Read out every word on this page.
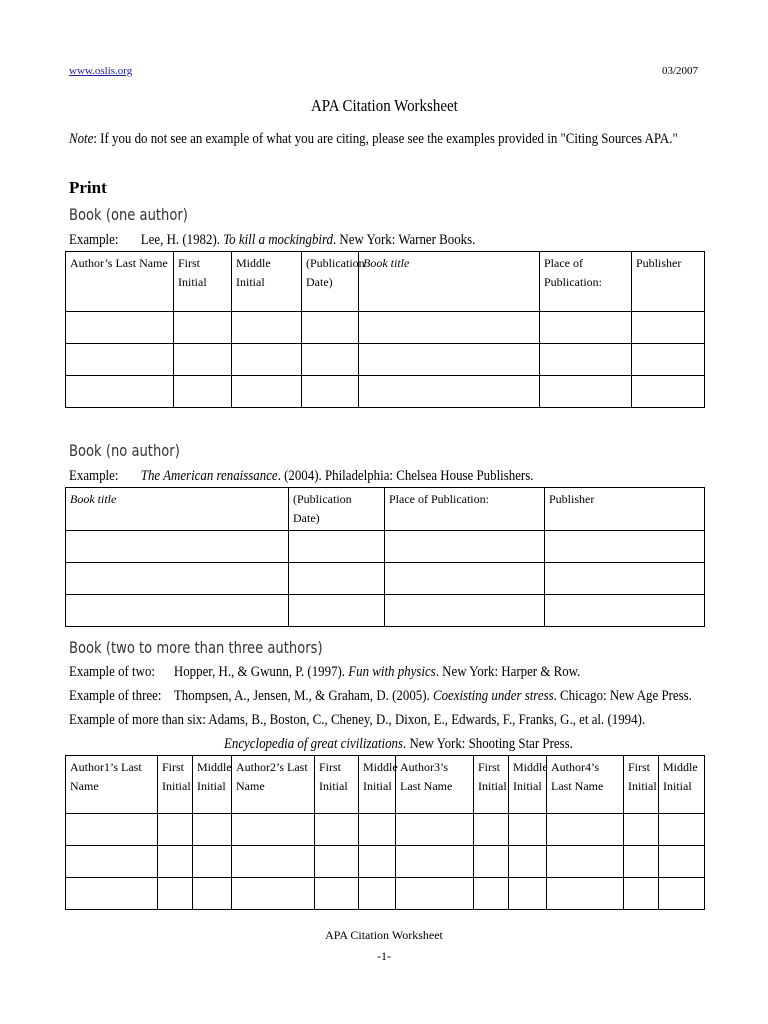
www.oslis.org	03/2007
APA Citation Worksheet
Note: If you do not see an example of what you are citing, please see the examples provided in "Citing Sources APA."
Print
Book (one author)
Example: Lee, H. (1982). To kill a mockingbird. New York: Warner Books.
Author’s Last Name	First Initial	Middle Initial	(Publication Date)	Book title	Place of Publication:	Publisher

Book (no author)
Example: The American renaissance. (2004). Philadelphia: Chelsea House Publishers.
Book title	(Publication Date)	Place of Publication:	Publisher

Book (two to more than three authors)
Example of two: Hopper, H., & Gwunn, P. (1997). Fun with physics. New York: Harper & Row.
Example of three: Thompsen, A., Jensen, M., & Graham, D. (2005). Coexisting under stress. Chicago: New Age Press.
Example of more than six: Adams, B., Boston, C., Cheney, D., Dixon, E., Edwards, F., Franks, G., et al. (1994).
Encyclopedia of great civilizations. New York: Shooting Star Press.
Author1’s Last Name	First Initial	Middle Initial	Author2’s Last Name	First Initial	Middle Initial	Author3’s Last Name	First Initial	Middle Initial	Author4’s Last Name	First Initial	Middle Initial

APA Citation Worksheet
-1-
